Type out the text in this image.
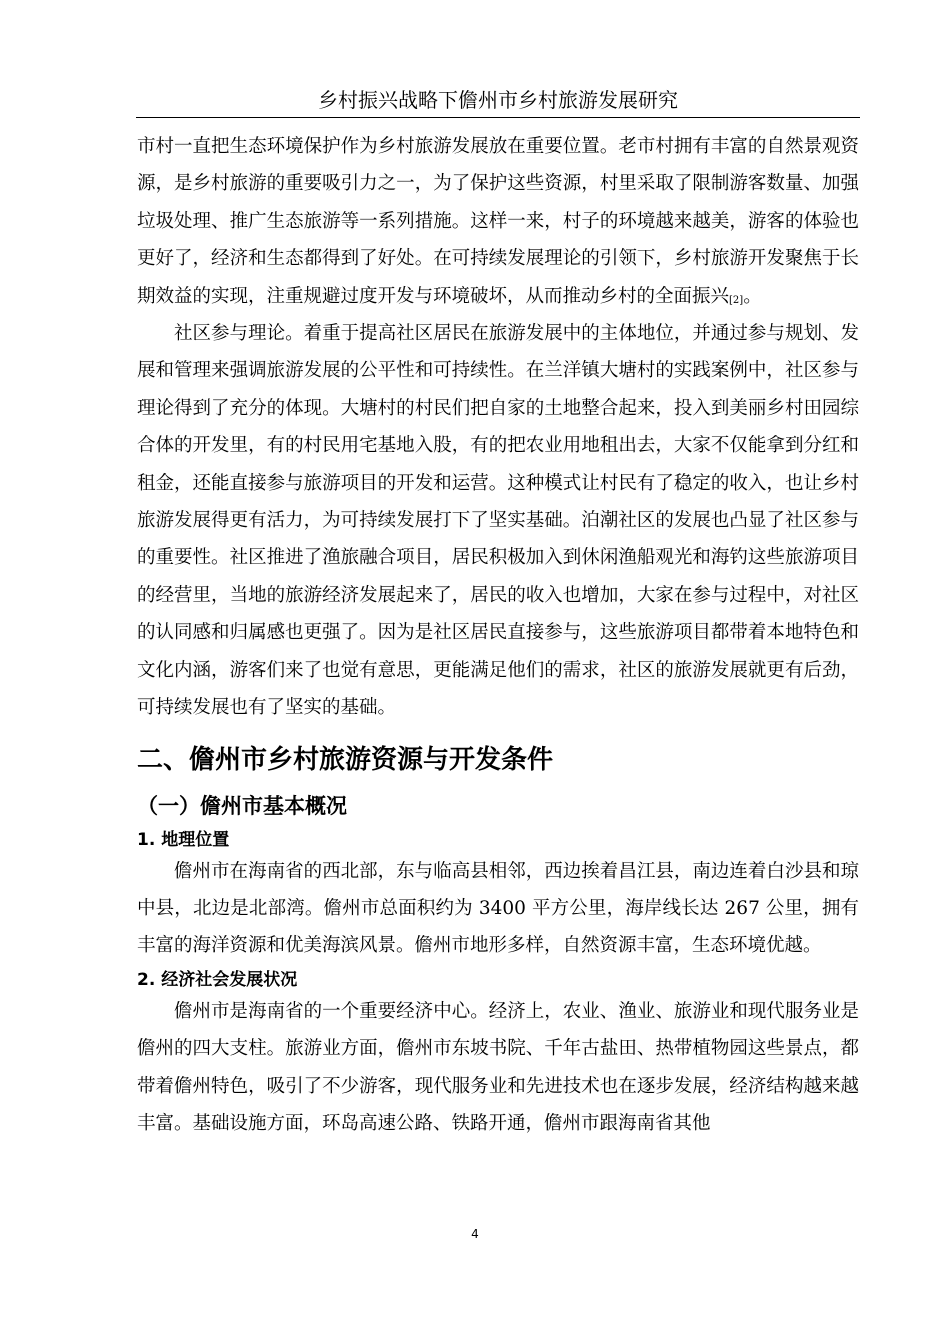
乡村振兴战略下儋州市乡村旅游发展研究

市村一直把生态环境保护作为乡村旅游发展放在重要位置。老市村拥有丰富的自然景观资源，是乡村旅游的重要吸引力之一，为了保护这些资源，村里采取了限制游客数量、加强垃圾处理、推广生态旅游等一系列措施。这样一来，村子的环境越来越美，游客的体验也更好了，经济和生态都得到了好处。在可持续发展理论的引领下，乡村旅游开发聚焦于长期效益的实现，注重规避过度开发与环境破坏，从而推动乡村的全面振兴[2]。

社区参与理论。着重于提高社区居民在旅游发展中的主体地位，并通过参与规划、发展和管理来强调旅游发展的公平性和可持续性。在兰洋镇大塘村的实践案例中，社区参与理论得到了充分的体现。大塘村的村民们把自家的土地整合起来，投入到美丽乡村田园综合体的开发里，有的村民用宅基地入股，有的把农业用地租出去，大家不仅能拿到分红和租金，还能直接参与旅游项目的开发和运营。这种模式让村民有了稳定的收入，也让乡村旅游发展得更有活力，为可持续发展打下了坚实基础。泊潮社区的发展也凸显了社区参与的重要性。社区推进了渔旅融合项目，居民积极加入到休闲渔船观光和海钓这些旅游项目的经营里，当地的旅游经济发展起来了，居民的收入也增加，大家在参与过程中，对社区的认同感和归属感也更强了。因为是社区居民直接参与，这些旅游项目都带着本地特色和文化内涵，游客们来了也觉有意思，更能满足他们的需求，社区的旅游发展就更有后劲，可持续发展也有了坚实的基础。

二、儋州市乡村旅游资源与开发条件
（一）儋州市基本概况
1. 地理位置

儋州市在海南省的西北部，东与临高县相邻，西边挨着昌江县，南边连着白沙县和琼中县，北边是北部湾。儋州市总面积约为 3400 平方公里，海岸线长达 267 公里，拥有丰富的海洋资源和优美海滨风景。儋州市地形多样，自然资源丰富，生态环境优越。

2. 经济社会发展状况

儋州市是海南省的一个重要经济中心。经济上，农业、渔业、旅游业和现代服务业是儋州的四大支柱。旅游业方面，儋州市东坡书院、千年古盐田、热带植物园这些景点，都带着儋州特色，吸引了不少游客，现代服务业和先进技术也在逐步发展，经济结构越来越丰富。基础设施方面，环岛高速公路、铁路开通，儋州市跟海南省其他

4
